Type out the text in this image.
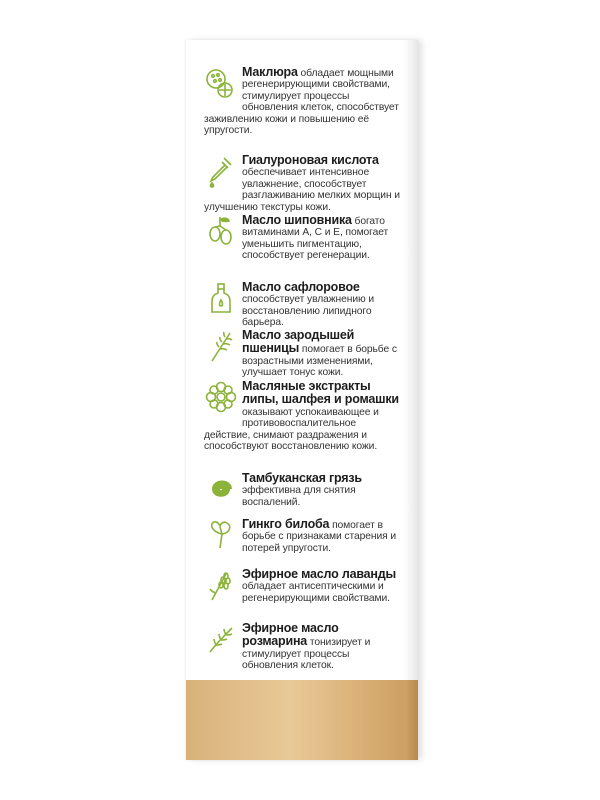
Маклюра обладает мощными регенерирующими свойствами, стимулирует процессы обновления клеток, способствует заживлению кожи и повышению её упругости.
Гиалуроновая кислота обеспечивает интенсивное увлажнение, способствует разглаживанию мелких морщин и улучшению текстуры кожи.
Масло шиповника богато витаминами А, С и Е, помогает уменьшить пигментацию, способствует регенерации.
Масло сафлоровое способствует увлажнению и восстановлению липидного барьера.
Масло зародышей пшеницы помогает в борьбе с возрастными изменениями, улучшает тонус кожи.
Масляные экстракты липы, шалфея и ромашки оказывают успокаивающее и противовоспалительное действие, снимают раздражения и способствуют восстановлению кожи.
Тамбуканская грязь эффективна для снятия воспалений.
Гинкго билоба помогает в борьбе с признаками старения и потерей упругости.
Эфирное масло лаванды обладает антисептическими и регенерирующими свойствами.
Эфирное масло розмарина тонизирует и стимулирует процессы обновления клеток.
